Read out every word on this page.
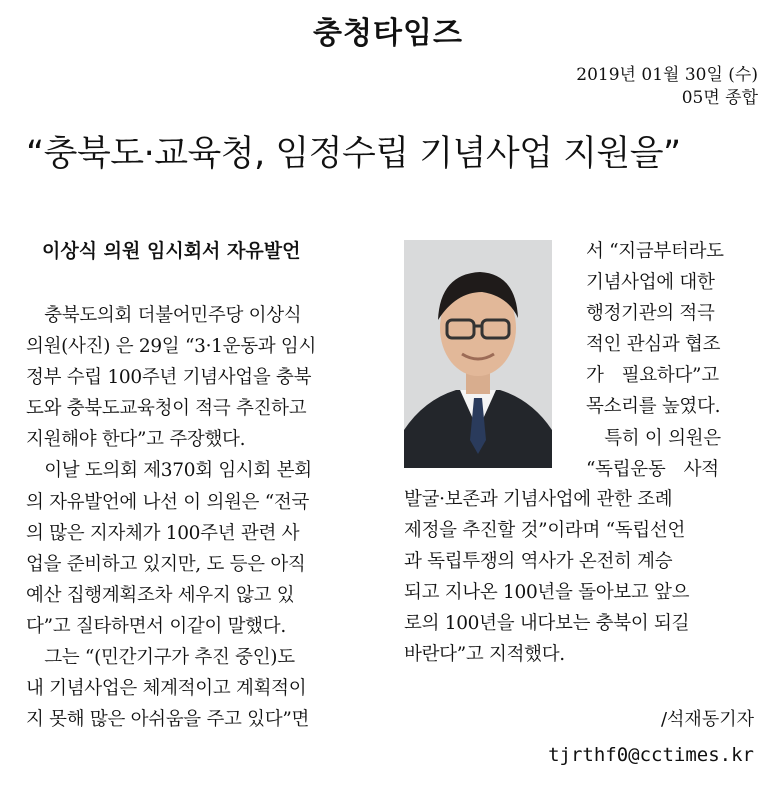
충청타임즈
2019년 01월 30일 (수)
05면 종합
“충북도·교육청, 임정수립 기념사업 지원을”
이상식 의원 임시회서 자유발언
　충북도의회 더불어민주당 이상식
의원(사진) 은 29일 “3·1운동과 임시
정부 수립 100주년 기념사업을 충북
도와 충북도교육청이 적극 추진하고
지원해야 한다”고 주장했다.
　이날 도의회 제370회 임시회 본회
의 자유발언에 나선 이 의원은 “전국
의 많은 지자체가 100주년 관련 사
업을 준비하고 있지만, 도 등은 아직
예산 집행계획조차 세우지 않고 있
다”고 질타하면서 이같이 말했다.
　그는 “(민간기구가 추진 중인)도
내 기념사업은 체계적이고 계획적이
지 못해 많은 아쉬움을 주고 있다”면
서 “지금부터라도
기념사업에 대한
행정기관의 적극
적인 관심과 협조
가　필요하다”고
목소리를 높였다.
　특히 이 의원은
“독립운동　사적
발굴·보존과 기념사업에 관한 조례
제정을 추진할 것”이라며 “독립선언
과 독립투쟁의 역사가 온전히 계승
되고 지나온 100년을 돌아보고 앞으
로의 100년을 내다보는 충북이 되길
바란다”고 지적했다.
/석재동기자
tjrthf0@cctimes.kr
